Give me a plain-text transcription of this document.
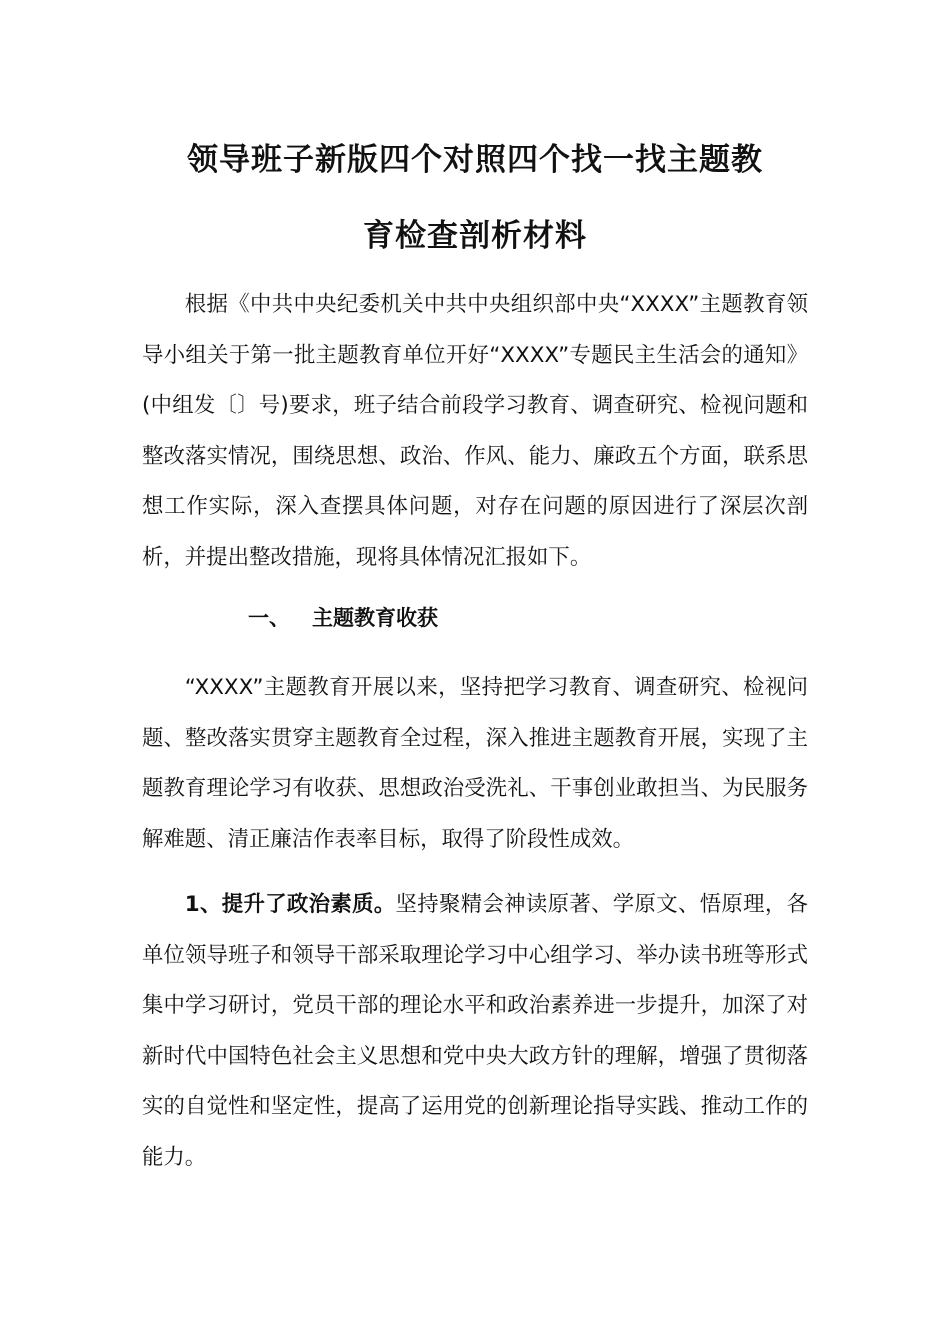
领导班子新版四个对照四个找一找主题教
育检查剖析材料
根据《中共中央纪委机关中共中央组织部中央“XXXX”主题教育领导小组关于第一批主题教育单位开好“XXXX”专题民主生活会的通知》(中组发〔〕号)要求，班子结合前段学习教育、调查研究、检视问题和整改落实情况，围绕思想、政治、作风、能力、廉政五个方面，联系思想工作实际，深入查摆具体问题，对存在问题的原因进行了深层次剖析，并提出整改措施，现将具体情况汇报如下。
一、 主题教育收获
“XXXX”主题教育开展以来，坚持把学习教育、调查研究、检视问题、整改落实贯穿主题教育全过程，深入推进主题教育开展，实现了主题教育理论学习有收获、思想政治受洗礼、干事创业敢担当、为民服务解难题、清正廉洁作表率目标，取得了阶段性成效。
1、提升了政治素质。坚持聚精会神读原著、学原文、悟原理，各单位领导班子和领导干部采取理论学习中心组学习、举办读书班等形式集中学习研讨，党员干部的理论水平和政治素养进一步提升，加深了对新时代中国特色社会主义思想和党中央大政方针的理解，增强了贯彻落实的自觉性和坚定性，提高了运用党的创新理论指导实践、推动工作的能力。
